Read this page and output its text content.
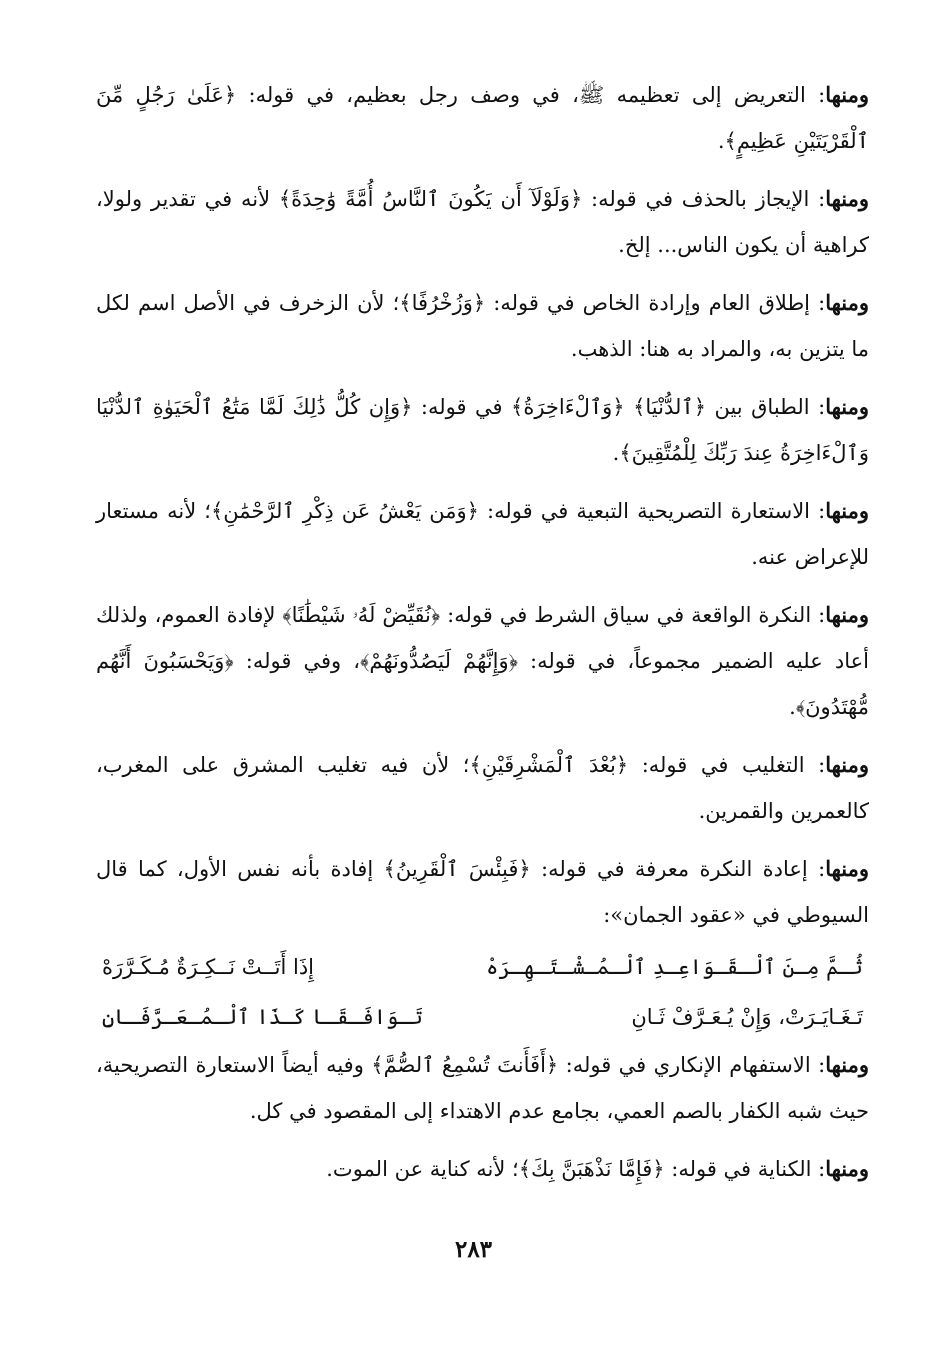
ومنها: التعريض إلى تعظيمه ﷺ، في وصف رجل بعظيم، في قوله: ﴿عَلَىٰ رَجُلٍ مِّنَ ٱلْقَرْيَتَيْنِ عَظِيمٍ﴾.

ومنها: الإيجاز بالحذف في قوله: ﴿وَلَوْلَآ أَن يَكُونَ ٱلنَّاسُ أُمَّةً وَٰحِدَةً﴾ لأنه في تقدير ولولا، كراهية أن يكون الناس... إلخ.

ومنها: إطلاق العام وإرادة الخاص في قوله: ﴿وَزُخْرُفًا﴾؛ لأن الزخرف في الأصل اسم لكل ما يتزين به، والمراد به هنا: الذهب.

ومنها: الطباق بين ﴿ٱلدُّنْيَا﴾ ﴿وَٱلْءَاخِرَةُ﴾ في قوله: ﴿وَإِن كُلُّ ذَٰلِكَ لَمَّا مَتَٰعُ ٱلْحَيَوٰةِ ٱلدُّنْيَا وَٱلْءَاخِرَةُ عِندَ رَبِّكَ لِلْمُتَّقِينَ﴾.

ومنها: الاستعارة التصريحية التبعية في قوله: ﴿وَمَن يَعْشُ عَن ذِكْرِ ٱلرَّحْمَٰنِ﴾؛ لأنه مستعار للإعراض عنه.

ومنها: النكرة الواقعة في سياق الشرط في قوله: ﴿نُقَيِّضْ لَهُۥ شَيْطَٰنًا﴾ لإفادة العموم، ولذلك أعاد عليه الضمير مجموعاً، في قوله: ﴿وَإِنَّهُمْ لَيَصُدُّونَهُمْ﴾، وفي قوله: ﴿وَيَحْسَبُونَ أَنَّهُم مُّهْتَدُونَ﴾.

ومنها: التغليب في قوله: ﴿بُعْدَ ٱلْمَشْرِقَيْنِ﴾؛ لأن فيه تغليب المشرق على المغرب، كالعمرين والقمرين.

ومنها: إعادة النكرة معرفة في قوله: ﴿فَبِئْسَ ٱلْقَرِينُ﴾ إفادة بأنه نفس الأول، كما قال السيوطي في «عقود الجمان»:

ثُـمَّ مِـنَ ٱلْـقَـوَاعِـدِ ٱلْـمُـشْـتَـهِـرَهْ
إِذَا أَتَــتْ نَــكِـرَةٌ مُـكَـرَّرَهْ
تَـغَـايَـرَتْ، وَإِنْ يُـعَـرَّفْ ثَـانِ
تَـوَافَـقَـا كَـذَا ٱلْـمُـعَـرَّفَـانِ

ومنها: الاستفهام الإنكاري في قوله: ﴿أَفَأَنتَ تُسْمِعُ ٱلصُّمَّ﴾ وفيه أيضاً الاستعارة التصريحية، حيث شبه الكفار بالصم العمي، بجامع عدم الاهتداء إلى المقصود في كل.

ومنها: الكناية في قوله: ﴿فَإِمَّا نَذْهَبَنَّ بِكَ﴾؛ لأنه كناية عن الموت.

٢٨٣
